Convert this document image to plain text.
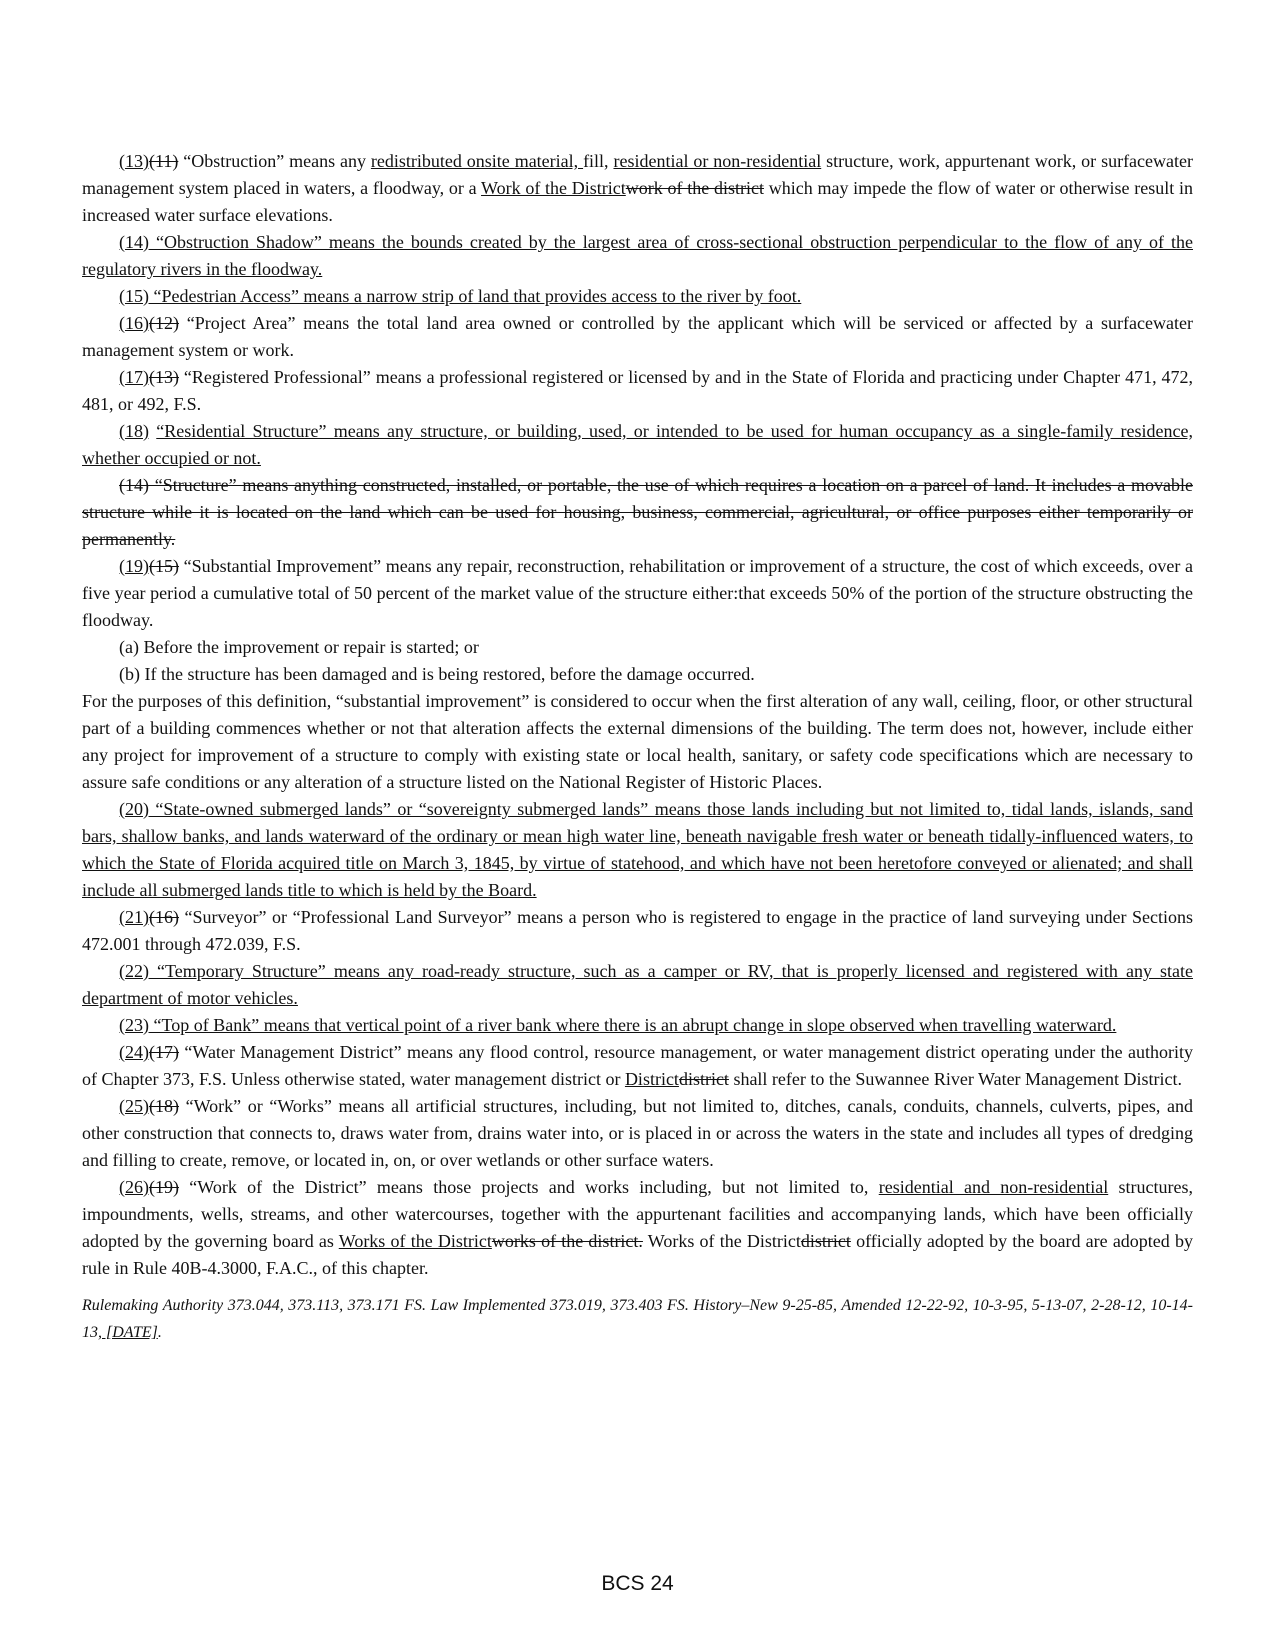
(13)(11) “Obstruction” means any redistributed onsite material, fill, residential or non-residential structure, work, appurtenant work, or surfacewater management system placed in waters, a floodway, or a Work of the Districtwork of the district which may impede the flow of water or otherwise result in increased water surface elevations.

(14) “Obstruction Shadow” means the bounds created by the largest area of cross-sectional obstruction perpendicular to the flow of any of the regulatory rivers in the floodway.

(15) “Pedestrian Access” means a narrow strip of land that provides access to the river by foot.

(16)(12) “Project Area” means the total land area owned or controlled by the applicant which will be serviced or affected by a surfacewater management system or work.

(17)(13) “Registered Professional” means a professional registered or licensed by and in the State of Florida and practicing under Chapter 471, 472, 481, or 492, F.S.

(18) “Residential Structure” means any structure, or building, used, or intended to be used for human occupancy as a single-family residence, whether occupied or not.

(14) “Structure” means anything constructed, installed, or portable, the use of which requires a location on a parcel of land. It includes a movable structure while it is located on the land which can be used for housing, business, commercial, agricultural, or office purposes either temporarily or permanently.

(19)(15) “Substantial Improvement” means any repair, reconstruction, rehabilitation or improvement of a structure, the cost of which exceeds, over a five year period a cumulative total of 50 percent of the market value of the structure either:that exceeds 50% of the portion of the structure obstructing the floodway.

(a) Before the improvement or repair is started; or

(b) If the structure has been damaged and is being restored, before the damage occurred.

For the purposes of this definition, “substantial improvement” is considered to occur when the first alteration of any wall, ceiling, floor, or other structural part of a building commences whether or not that alteration affects the external dimensions of the building. The term does not, however, include either any project for improvement of a structure to comply with existing state or local health, sanitary, or safety code specifications which are necessary to assure safe conditions or any alteration of a structure listed on the National Register of Historic Places.

(20) “State-owned submerged lands” or “sovereignty submerged lands” means those lands including but not limited to, tidal lands, islands, sand bars, shallow banks, and lands waterward of the ordinary or mean high water line, beneath navigable fresh water or beneath tidally-influenced waters, to which the State of Florida acquired title on March 3, 1845, by virtue of statehood, and which have not been heretofore conveyed or alienated; and shall include all submerged lands title to which is held by the Board.

(21)(16) “Surveyor” or “Professional Land Surveyor” means a person who is registered to engage in the practice of land surveying under Sections 472.001 through 472.039, F.S.

(22) “Temporary Structure” means any road-ready structure, such as a camper or RV, that is properly licensed and registered with any state department of motor vehicles.

(23) “Top of Bank” means that vertical point of a river bank where there is an abrupt change in slope observed when travelling waterward.

(24)(17) “Water Management District” means any flood control, resource management, or water management district operating under the authority of Chapter 373, F.S. Unless otherwise stated, water management district or Districtdistrict shall refer to the Suwannee River Water Management District.

(25)(18) “Work” or “Works” means all artificial structures, including, but not limited to, ditches, canals, conduits, channels, culverts, pipes, and other construction that connects to, draws water from, drains water into, or is placed in or across the waters in the state and includes all types of dredging and filling to create, remove, or located in, on, or over wetlands or other surface waters.

(26)(19) “Work of the District” means those projects and works including, but not limited to, residential and non-residential structures, impoundments, wells, streams, and other watercourses, together with the appurtenant facilities and accompanying lands, which have been officially adopted by the governing board as Works of the Districtworks of the district. Works of the Districtdistrict officially adopted by the board are adopted by rule in Rule 40B-4.3000, F.A.C., of this chapter.

Rulemaking Authority 373.044, 373.113, 373.171 FS. Law Implemented 373.019, 373.403 FS. History–New 9-25-85, Amended 12-22-92, 10-3-95, 5-13-07, 2-28-12, 10-14-13, [DATE].

BCS 24
